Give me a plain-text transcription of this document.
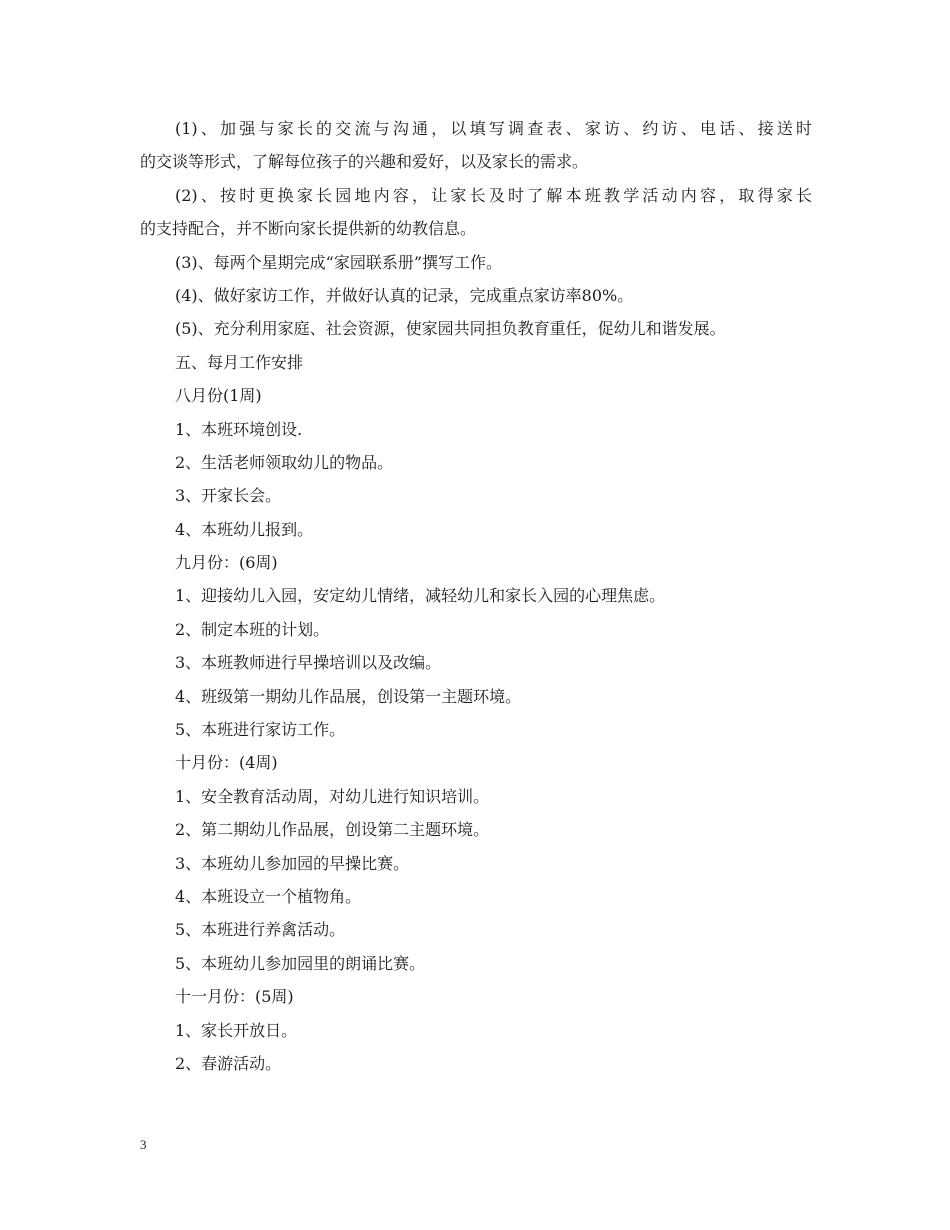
(1)、加强与家长的交流与沟通，以填写调查表、家访、约访、电话、接送时
的交谈等形式，了解每位孩子的兴趣和爱好，以及家长的需求。
(2)、按时更换家长园地内容，让家长及时了解本班教学活动内容，取得家长
的支持配合，并不断向家长提供新的幼教信息。
(3)、每两个星期完成“家园联系册”撰写工作。
(4)、做好家访工作，并做好认真的记录，完成重点家访率80%。
(5)、充分利用家庭、社会资源，使家园共同担负教育重任，促幼儿和谐发展。
五、每月工作安排
八月份(1周)
1、本班环境创设.
2、生活老师领取幼儿的物品。
3、开家长会。
4、本班幼儿报到。
九月份：(6周)
1、迎接幼儿入园，安定幼儿情绪，减轻幼儿和家长入园的心理焦虑。
2、制定本班的计划。
3、本班教师进行早操培训以及改编。
4、班级第一期幼儿作品展，创设第一主题环境。
5、本班进行家访工作。
十月份：(4周)
1、安全教育活动周，对幼儿进行知识培训。
2、第二期幼儿作品展，创设第二主题环境。
3、本班幼儿参加园的早操比赛。
4、本班设立一个植物角。
5、本班进行养禽活动。
5、本班幼儿参加园里的朗诵比赛。
十一月份：(5周)
1、家长开放日。
2、春游活动。
3
